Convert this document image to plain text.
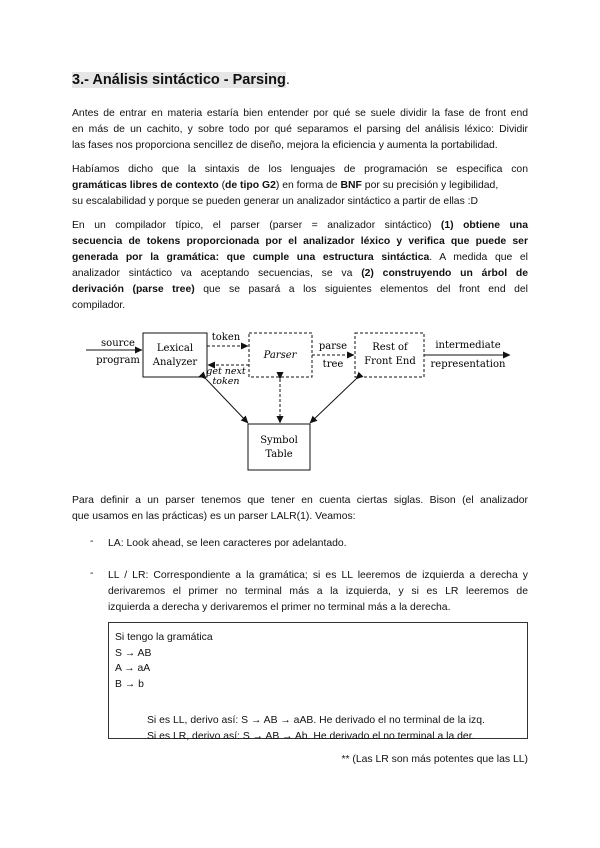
3.- Análisis sintáctico - Parsing.
Antes de entrar en materia estaría bien entender por qué se suele dividir la fase de front end
en más de un cachito, y sobre todo por qué separamos el parsing del análisis léxico: Dividir
las fases nos proporciona sencillez de diseño, mejora la eficiencia y aumenta la portabilidad.
Habíamos dicho que la sintaxis de los lenguajes de programación se especifica con
gramáticas libres de contexto (de tipo G2) en forma de BNF por su precisión y legibilidad,
su escalabilidad y porque se pueden generar un analizador sintáctico a partir de ellas :D
En un compilador típico, el parser (parser = analizador sintáctico) (1) obtiene una
secuencia de tokens proporcionada por el analizador léxico y verifica que puede ser
generada por la gramática: que cumple una estructura sintáctica. A medida que el
analizador sintáctico va aceptando secuencias, se va (2) construyendo un árbol de
derivación (parse tree) que se pasará a los siguientes elementos del front end del
compilador.
source
program
Lexical
Analyzer
token
get next
token
Parser
parse
tree
Rest of
Front End
intermediate
representation
Symbol
Table
Para definir a un parser tenemos que tener en cuenta ciertas siglas. Bison (el analizador
que usamos en las prácticas) es un parser LALR(1). Veamos:
- LA: Look ahead, se leen caracteres por adelantado.
- LL / LR: Correspondiente a la gramática; si es LL leeremos de izquierda a derecha y
derivaremos el primer no terminal más a la izquierda, y si es LR leeremos de
izquierda a derecha y derivaremos el primer no terminal más a la derecha.
Si tengo la gramática
S → AB
A → aA
B → b
Si es LL, derivo así: S → AB → aAB. He derivado el no terminal de la izq.
Si es LR, derivo así: S → AB → Ab. He derivado el no terminal a la der.
** (Las LR son más potentes que las LL)
